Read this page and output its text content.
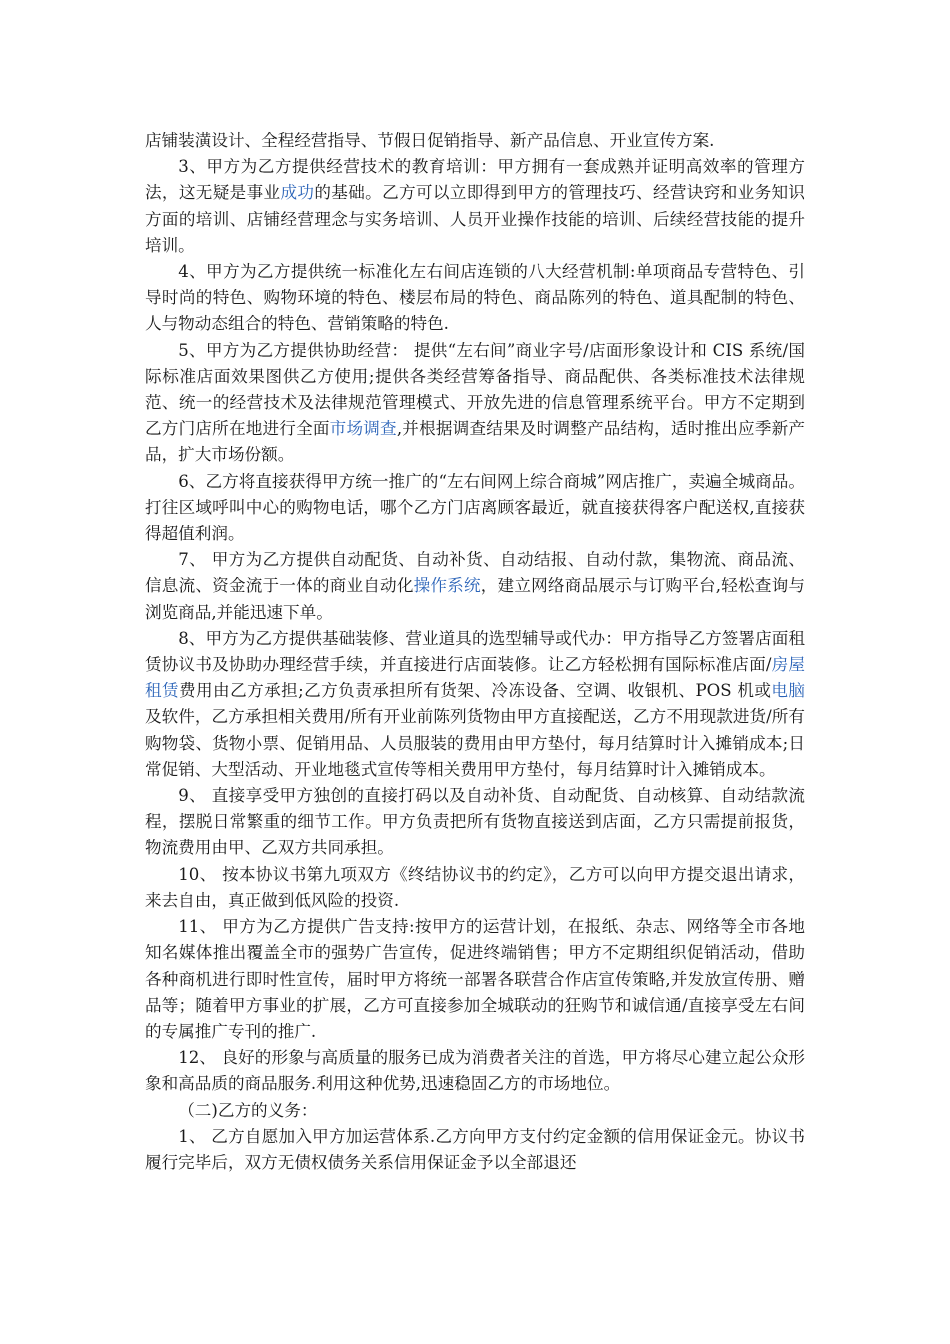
店铺装潢设计、全程经营指导、节假日促销指导、新产品信息、开业宣传方案.

3、甲方为乙方提供经营技术的教育培训：甲方拥有一套成熟并证明高效率的管理方法，这无疑是事业成功的基础。乙方可以立即得到甲方的管理技巧、经营诀窍和业务知识方面的培训、店铺经营理念与实务培训、人员开业操作技能的培训、后续经营技能的提升培训。

4、甲方为乙方提供统一标准化左右间店连锁的八大经营机制:单项商品专营特色、引导时尚的特色、购物环境的特色、楼层布局的特色、商品陈列的特色、道具配制的特色、人与物动态组合的特色、营销策略的特色.

5、甲方为乙方提供协助经营： 提供“左右间”商业字号/店面形象设计和 CIS 系统/国际标准店面效果图供乙方使用;提供各类经营筹备指导、商品配供、各类标准技术法律规范、统一的经营技术及法律规范管理模式、开放先进的信息管理系统平台。甲方不定期到乙方门店所在地进行全面市场调查,并根据调查结果及时调整产品结构，适时推出应季新产品，扩大市场份额。

6、乙方将直接获得甲方统一推广的“左右间网上综合商城”网店推广，卖遍全城商品。打往区域呼叫中心的购物电话，哪个乙方门店离顾客最近，就直接获得客户配送权,直接获得超值利润。

7、 甲方为乙方提供自动配货、自动补货、自动结报、自动付款，集物流、商品流、信息流、资金流于一体的商业自动化操作系统，建立网络商品展示与订购平台,轻松查询与浏览商品,并能迅速下单。

8、甲方为乙方提供基础装修、营业道具的选型辅导或代办：甲方指导乙方签署店面租赁协议书及协助办理经营手续，并直接进行店面装修。让乙方轻松拥有国际标准店面/房屋租赁费用由乙方承担;乙方负责承担所有货架、冷冻设备、空调、收银机、POS 机或电脑及软件，乙方承担相关费用/所有开业前陈列货物由甲方直接配送，乙方不用现款进货/所有购物袋、货物小票、促销用品、人员服装的费用由甲方垫付，每月结算时计入摊销成本;日常促销、大型活动、开业地毯式宣传等相关费用甲方垫付，每月结算时计入摊销成本。

9、 直接享受甲方独创的直接打码以及自动补货、自动配货、自动核算、自动结款流程，摆脱日常繁重的细节工作。甲方负责把所有货物直接送到店面，乙方只需提前报货，物流费用由甲、乙双方共同承担。

10、 按本协议书第九项双方《终结协议书的约定》，乙方可以向甲方提交退出请求，来去自由，真正做到低风险的投资.

11、 甲方为乙方提供广告支持:按甲方的运营计划，在报纸、杂志、网络等全市各地知名媒体推出覆盖全市的强势广告宣传，促进终端销售；甲方不定期组织促销活动，借助各种商机进行即时性宣传，届时甲方将统一部署各联营合作店宣传策略,并发放宣传册、赠品等；随着甲方事业的扩展，乙方可直接参加全城联动的狂购节和诚信通/直接享受左右间的专属推广专刊的推广.

12、 良好的形象与高质量的服务已成为消费者关注的首选，甲方将尽心建立起公众形象和高品质的商品服务.利用这种优势,迅速稳固乙方的市场地位。

（二)乙方的义务：

1、 乙方自愿加入甲方加运营体系.乙方向甲方支付约定金额的信用保证金元。协议书履行完毕后，双方无债权债务关系信用保证金予以全部退还
